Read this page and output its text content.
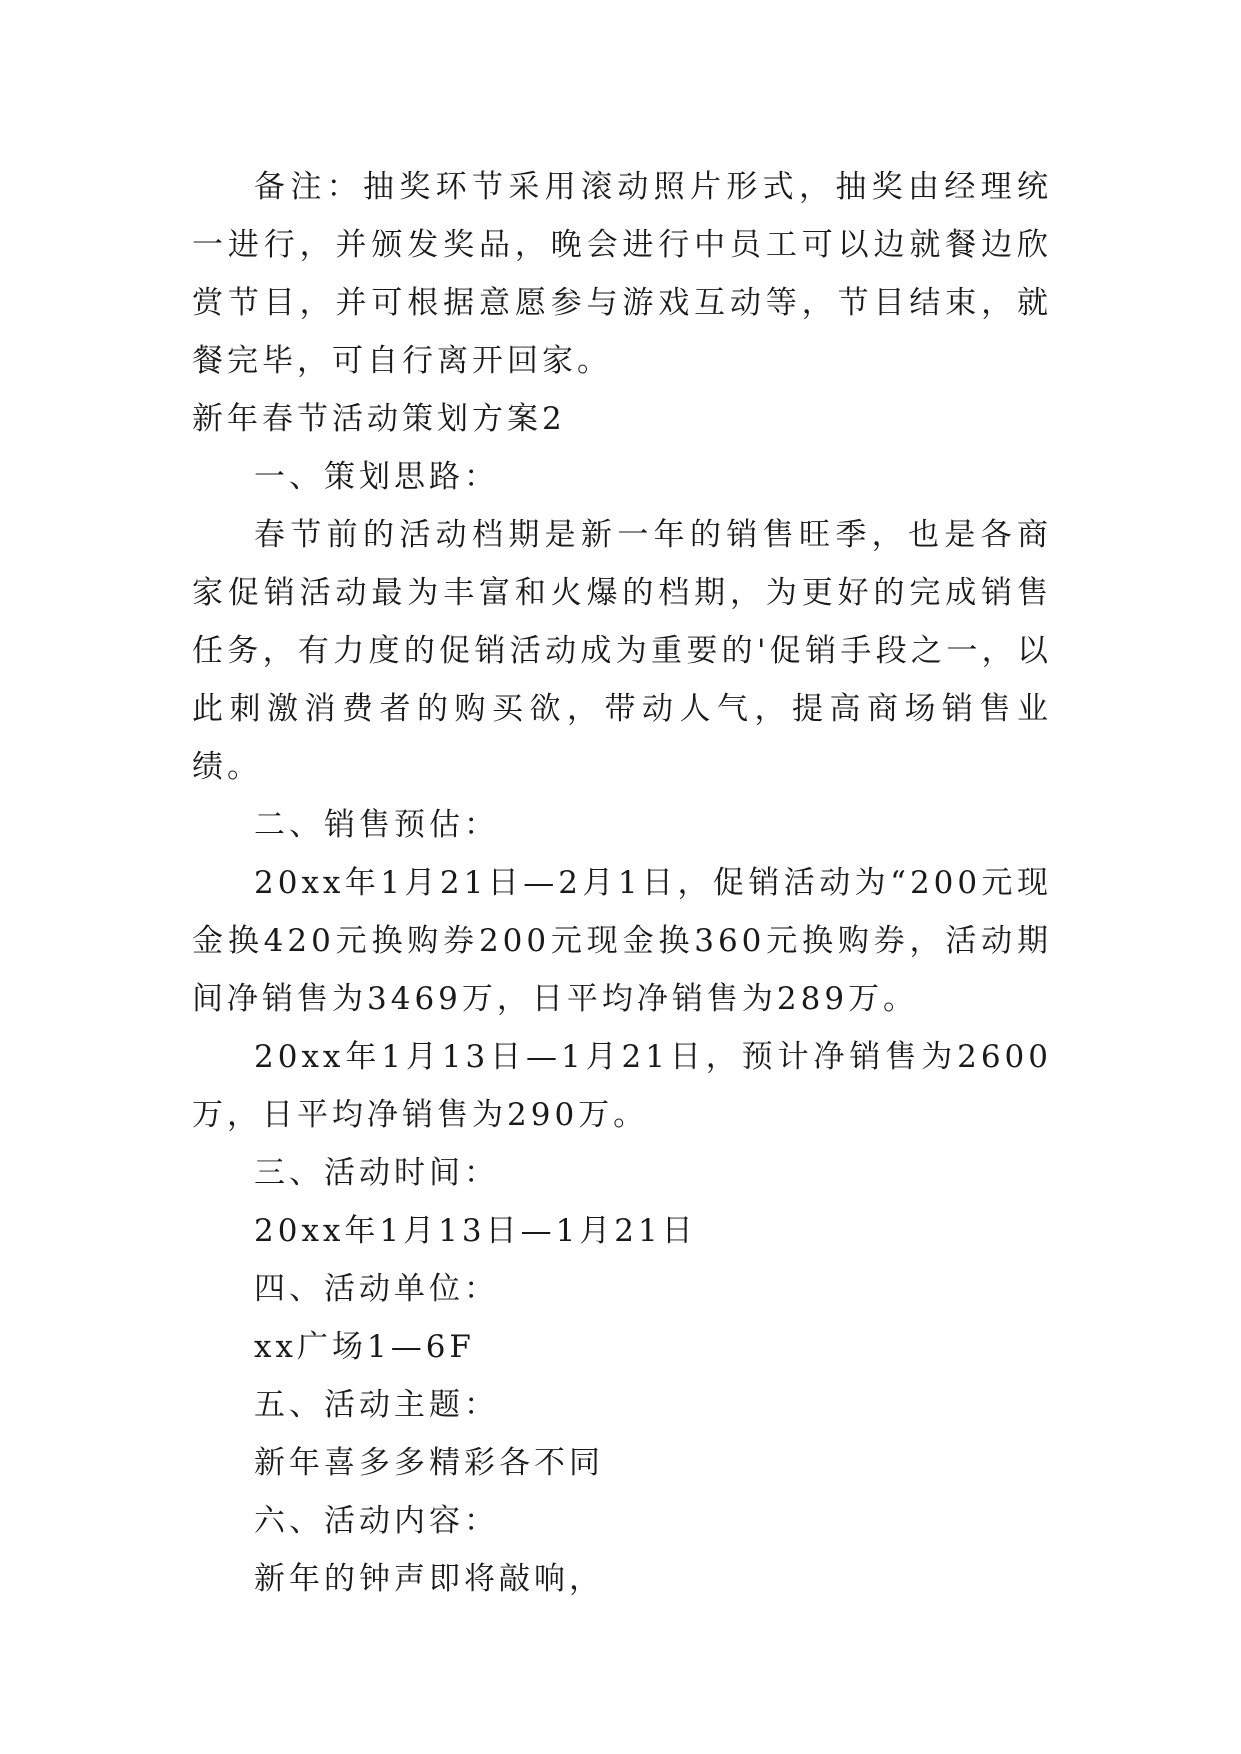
备注：抽奖环节采用滚动照片形式，抽奖由经理统一进行，并颁发奖品，晚会进行中员工可以边就餐边欣赏节目，并可根据意愿参与游戏互动等，节目结束，就餐完毕，可自行离开回家。

新年春节活动策划方案2

一、策划思路：

春节前的活动档期是新一年的销售旺季，也是各商家促销活动最为丰富和火爆的档期，为更好的完成销售任务，有力度的促销活动成为重要的'促销手段之一，以此刺激消费者的购买欲，带动人气，提高商场销售业绩。

二、销售预估：

20xx年1月21日—2月1日，促销活动为“200元现金换420元换购券200元现金换360元换购券，活动期间净销售为3469万，日平均净销售为289万。

20xx年1月13日—1月21日，预计净销售为2600万，日平均净销售为290万。

三、活动时间：

20xx年1月13日—1月21日

四、活动单位：

xx广场1—6F

五、活动主题：

新年喜多多精彩各不同

六、活动内容：

新年的钟声即将敲响，
